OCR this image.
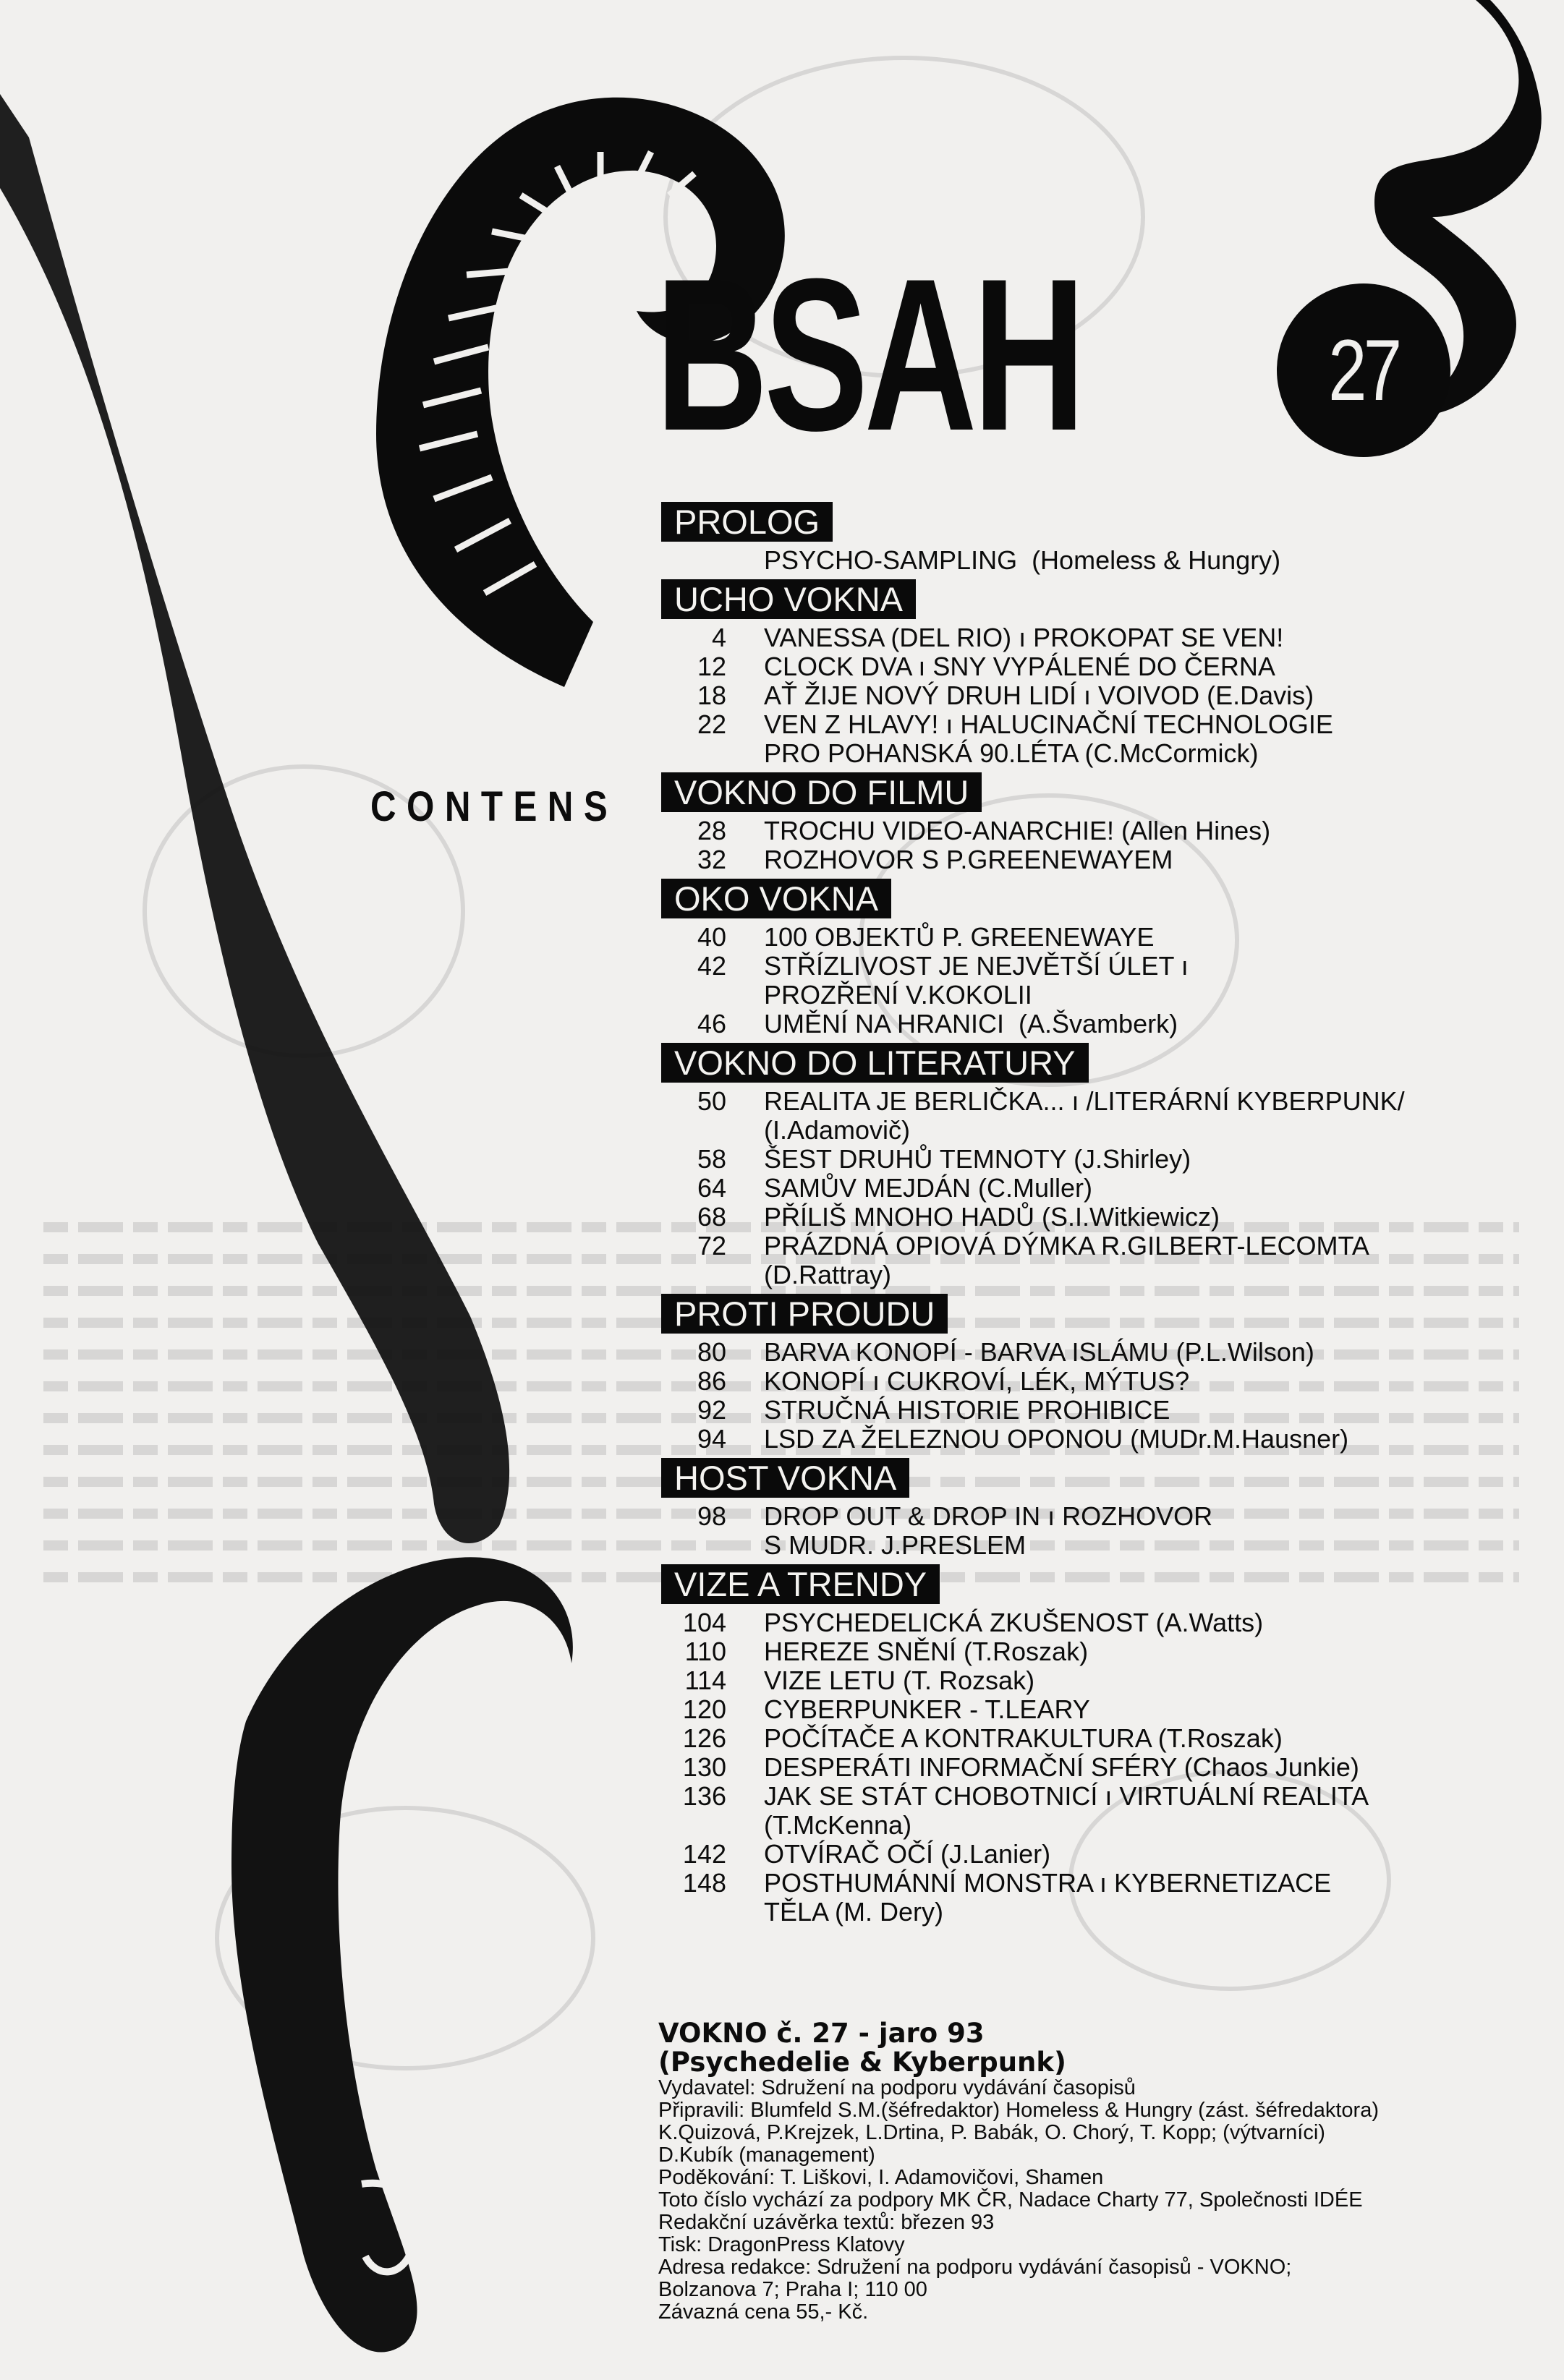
BSAH	27
CONTENS
PROLOG
PSYCHO-SAMPLING  (Homeless & Hungry)
UCHO VOKNA
4	VANESSA (DEL RIO) ı PROKOPAT SE VEN!
12	CLOCK DVA ı SNY VYPÁLENÉ DO ČERNA
18	AŤ ŽIJE NOVÝ DRUH LIDÍ ı VOIVOD (E.Davis)
22	VEN Z HLAVY! ı HALUCINAČNÍ TECHNOLOGIE
PRO POHANSKÁ 90.LÉTA (C.McCormick)
VOKNO DO FILMU
28	TROCHU VIDEO-ANARCHIE! (Allen Hines)
32	ROZHOVOR S P.GREENEWAYEM
OKO VOKNA
40	100 OBJEKTŮ P. GREENEWAYE
42	STŘÍZLIVOST JE NEJVĚTŠÍ ÚLET ı
PROZŘENÍ V.KOKOLII
46	UMĚNÍ NA HRANICI  (A.Švamberk)
VOKNO DO LITERATURY
50	REALITA JE BERLIČKA... ı /LITERÁRNÍ KYBERPUNK/
(I.Adamovič)
58	ŠEST DRUHŮ TEMNOTY (J.Shirley)
64	SAMŮV MEJDÁN (C.Muller)
68	PŘÍLIŠ MNOHO HADŮ (S.I.Witkiewicz)
72	PRÁZDNÁ OPIOVÁ DÝMKA R.GILBERT-LECOMTA
(D.Rattray)
PROTI PROUDU
80	BARVA KONOPÍ - BARVA ISLÁMU (P.L.Wilson)
86	KONOPÍ ı CUKROVÍ, LÉK, MÝTUS?
92	STRUČNÁ HISTORIE PROHIBICE
94	LSD ZA ŽELEZNOU OPONOU (MUDr.M.Hausner)
HOST VOKNA
98	DROP OUT & DROP IN ı ROZHOVOR
S MUDR. J.PRESLEM
VIZE A TRENDY
104	PSYCHEDELICKÁ ZKUŠENOST (A.Watts)
110	HEREZE SNĚNÍ (T.Roszak)
114	VIZE LETU (T. Rozsak)
120	CYBERPUNKER - T.LEARY
126	POČÍTAČE A KONTRAKULTURA (T.Roszak)
130	DESPERÁTI INFORMAČNÍ SFÉRY (Chaos Junkie)
136	JAK SE STÁT CHOBOTNICÍ ı VIRTUÁLNÍ REALITA
(T.McKenna)
142	OTVÍRAČ OČÍ (J.Lanier)
148	POSTHUMÁNNÍ MONSTRA ı KYBERNETIZACE
TĚLA (M. Dery)
VOKNO č. 27 - jaro 93
(Psychedelie & Kyberpunk)
Vydavatel: Sdružení na podporu vydávání časopisů
Připravili: Blumfeld S.M.(šéfredaktor) Homeless & Hungry (zást. šéfredaktora)
K.Quizová, P.Krejzek, L.Drtina, P. Babák, O. Chorý, T. Kopp; (výtvarníci)
D.Kubík (management)
Poděkování: T. Liškovi, I. Adamovičovi, Shamen
Toto číslo vychází za podpory MK ČR, Nadace Charty 77, Společnosti IDÉE
Redakční uzávěrka textů: březen 93
Tisk: DragonPress Klatovy
Adresa redakce: Sdružení na podporu vydávání časopisů - VOKNO;
Bolzanova 7; Praha I; 110 00
Závazná cena 55,- Kč.
